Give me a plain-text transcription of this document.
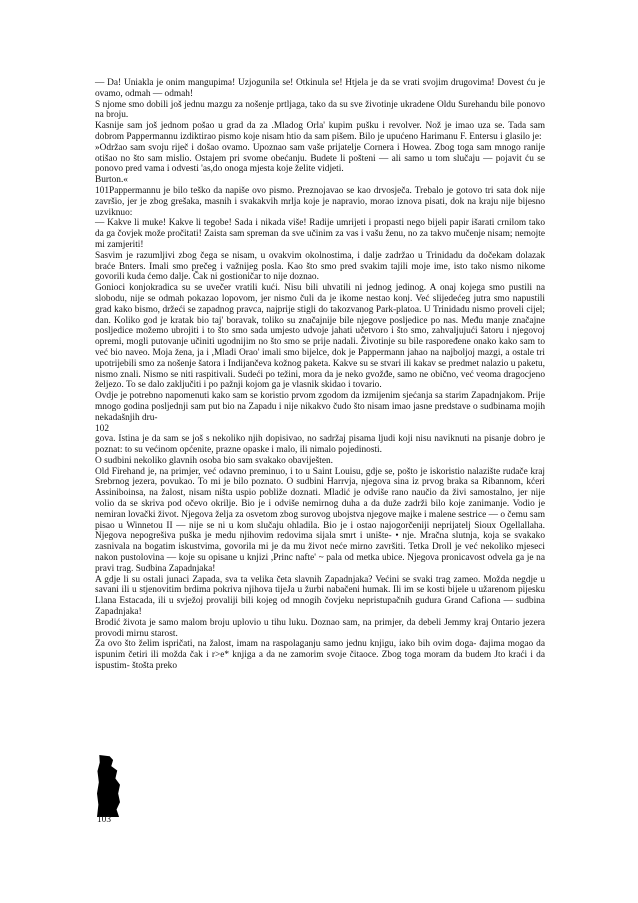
— Da! Uniakla je onim mangupima! Uzjogunila se! Otkinula se! Htjela je da se vrati svojim drugovima! Dovest ću je ovamo, odmah — odmah!

S njome smo dobili još jednu mazgu za nošenje prtljaga, tako da su sve životinje ukradene Oldu Surehandu bile ponovo na broju.

Kasnije sam još jednom pošao u grad da za .Mladog Orla' kupim pušku i revolver. Nož je imao uza se. Tada sam dobrom Pappermannu izdiktirao pismo koje nisam htio da sam pišem. Bilo je upućeno Harimanu F. Entersu i glasilo je:

»Održao sam svoju riječ i došao ovamo. Upoznao sam vaše prijatelje Cornera i Howea. Zbog toga sam mnogo ranije otišao no što sam mislio. Ostajem pri svome obećanju. Budete li pošteni — ali samo u tom slučaju — pojavit ću se ponovo pred vama i odvesti 'as,do onoga mjesta koje želite vidjeti.

Burton.«

101Pappermannu je bilo teško da napiše ovo pismo. Preznojavao se kao drvosječa. Trebalo je gotovo tri sata dok nije završio, jer je zbog grešaka, masnih i svakakvih mrlja koje je napravio, morao iznova pisati, dok na kraju nije bijesno uzviknuo:

— Kakve li muke! Kakve li tegobe! Sada i nikada više! Radije umrijeti i propasti nego bijeli papir išarati crnilom tako da ga čovjek može pročitati! Zaista sam spreman da sve učinim za vas i vašu ženu, no za takvo mučenje nisam; nemojte mi zamjeriti!

Sasvim je razumljivi zbog čega se nisam, u ovakvim okolnostima, i dalje zadržao u Trinidadu da dočekam dolazak braće Bnters. Imali smo prečeg i važnijeg posla. Kao što smo pred svakim tajili moje ime, isto tako nismo nikome govorili kuda ćemo dalje. Čak ni gostioničar to nije doznao.

Gonioci konjokradica su se uvečer vratili kući. Nisu bili uhvatili ni jednog jedinog. A onaj kojega smo pustili na slobodu, nije se odmah pokazao lopovom, jer nismo čuli da je ikome nestao konj. Već slijedećeg jutra smo napustili grad kako bismo, držeći se zapadnog pravca, najprije stigli do takozvanog Park-platoa. U Trinidadu nismo proveli cijel; dan. Koliko god je kratak bio taj' boravak, toliko su značajnije bile njegove posljedice po nas. Među manje značajne posljedice možemo ubrojiti i to što smo sada umjesto udvoje jahati učetvoro i što smo, zahvaljujući šatoru i njegovoj opremi, mogli putovanje učiniti ugodnijim no što smo se prije nadali. Životinje su bile raspoređene onako kako sam to već bio naveo. Moja žena, ja i ,Mladi Orao' imali smo bijelce, dok je Pappermann jahao na najboljoj mazgi, a ostale tri upotrijebili smo za nošenje šatora i Indijančeva kožnog paketa. Kakve su se stvari ili kakav se predmet nalazio u paketu, nismo znali. Nismo se niti raspitivali. Sudeći po težini, mora da je neko gvožđe, samo ne obično, već veoma dragocjeno željezo. To se dalo zaključiti i po pažnji kojom ga je vlasnik skidao i tovario.

Ovdje je potrebno napomenuti kako sam se koristio prvom zgodom da izmijenim sjećanja sa starim Zapadnjakom. Prije mnogo godina posljednji sam put bio na Zapadu i nije nikakvo čudo što nisam imao jasne predstave o sudbinama mojih nekadašnjih dru-

102

gova. Istina je da sam se još s nekoliko njih dopisivao, no sadržaj pisama ljudi koji nisu naviknuti na pisanje dobro je poznat: to su većinom općenite, prazne opaske i malo, ili nimalo pojedinosti.

O sudbini nekoliko glavnih osoba bio sam svakako obaviješten.

Old Firehand je, na primjer, već odavno preminuo, i to u Saint Louisu, gdje se, pošto je iskoristio nalazište rudače kraj Srebrnog jezera, povukao. To mi je bilo poznato. O sudbini Harrvja, njegova sina iz prvog braka sa Ribannom, kćeri Assiniboinsa, na žalost, nisam ništa uspio pobliže doznati. Mladić je odviše rano naučio da živi samostalno, jer nije volio da se skriva pod očevo okrilje. Bio je i odviše nemirnog duha a da duže zadrži bilo koje zanimanje. Vodio je nemiran lovački život. Njegova želja za osvetom zbog surovog ubojstva njegove majke i malene sestrice — o čemu sam pisao u Winnetou II — nije se ni u kom slučaju ohladila. Bio je i ostao najogorčeniji neprijatelj Sioux Ogellallaha. Njegova nepogrešiva puška je medu njihovim redovima sijala smrt i unište- • nje. Mračna slutnja, koja se svakako zasnivala na bogatim iskustvima, govorila mi je da mu život neće mirno završiti. Tetka Droll je već nekoliko mjeseci nakon pustolovina — koje su opisane u knjizi ,Princ nafte' ~ pala od metka ubice. Njegova pronicavost odvela ga je na pravi trag. Sudbina Zapadnjaka!

A gdje li su ostali junaci Zapada, sva ta velika četa slavnih Zapadnjaka? Većini se svaki trag zameo. Možda negdje u savani ili u stjenovitim brdima pokriva njihova tijeJa u žurbi nabačeni humak. Ili im se kosti bijele u užarenom pijesku Llana Estacada, ili u svježoj provaliji bili kojeg od mnogih čovjeku nepristupačnih gudura Grand Cafiona — sudbina Zapadnjaka!

Brodić života je samo malom broju uplovio u tihu luku. Doznao sam, na primjer, da debeli Jemmy kraj Ontario jezera provodi mirnu starost.

Za ovo što želim ispričati, na žalost, imam na raspolaganju samo jednu knjigu, iako bih ovim doga- đajima mogao da ispunim četiri ili možda čak i r>e* knjiga a da ne zamorim svoje čitaoce. Zbog toga moram da budem Jto kraći i da ispustim- štošta preko

103
